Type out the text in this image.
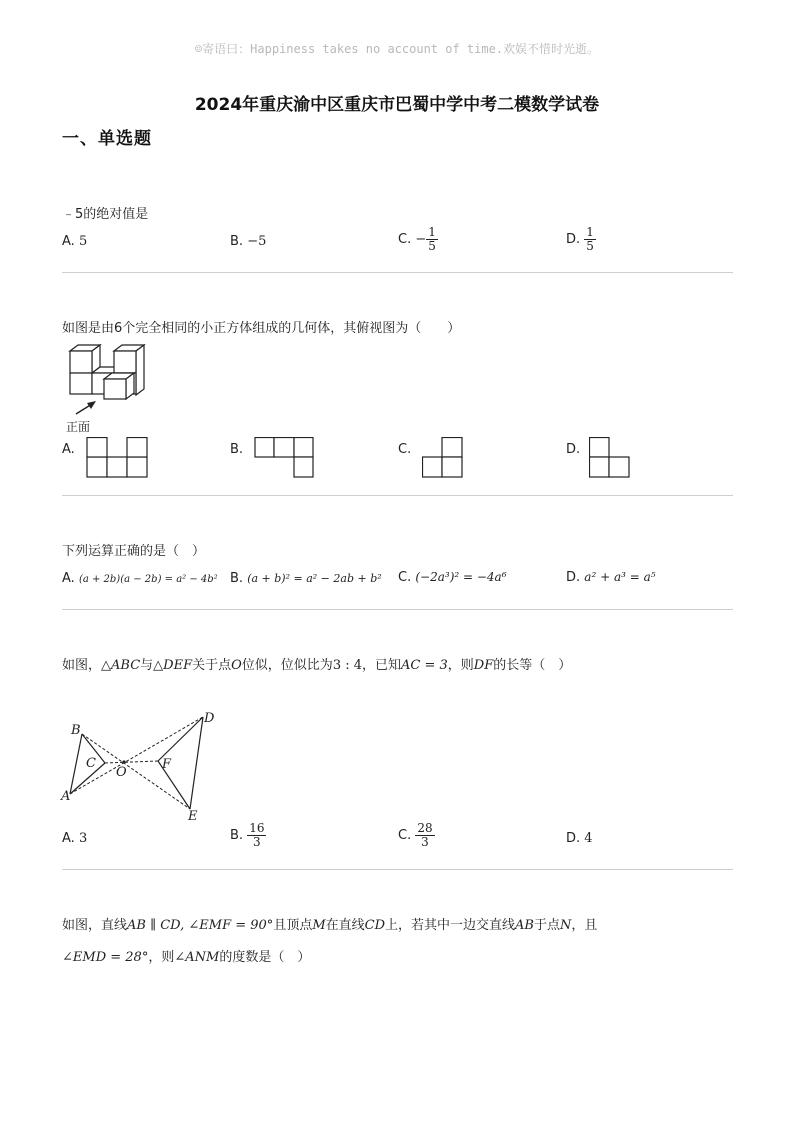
☺寄语曰：Happiness takes no account of time.欢娱不惜时光逝。
2024年重庆渝中区重庆市巴蜀中学中考二模数学试卷
一、单选题
﹣5的绝对值是
A. 5	B. −5	C. − $\frac{1}{5}$	D. $\frac{1}{5}$
如图是由6个完全相同的小正方体组成的几何体，其俯视图为（　　）
正面
A.	B.	C.	D.
下列运算正确的是（　）
A. (a + 2b)(a − 2b) = a² − 4b² B. (a + b)² = a² − 2ab + b² C. (−2a³)² = −4a⁶	D. a² + a³ = a⁵
如图，△ABC与△DEF关于点O位似，位似比为3 : 4，已知AC = 3，则DF的长等（　）
B
C
O
A
D
F
E
A. 3	B. $\frac{16}{3}$	C. $\frac{28}{3}$	D. 4
如图，直线AB ∥ CD, ∠EMF = 90°且顶点M在直线CD上，若其中一边交直线AB于点N，且
∠EMD = 28°，则∠ANM的度数是（　）
